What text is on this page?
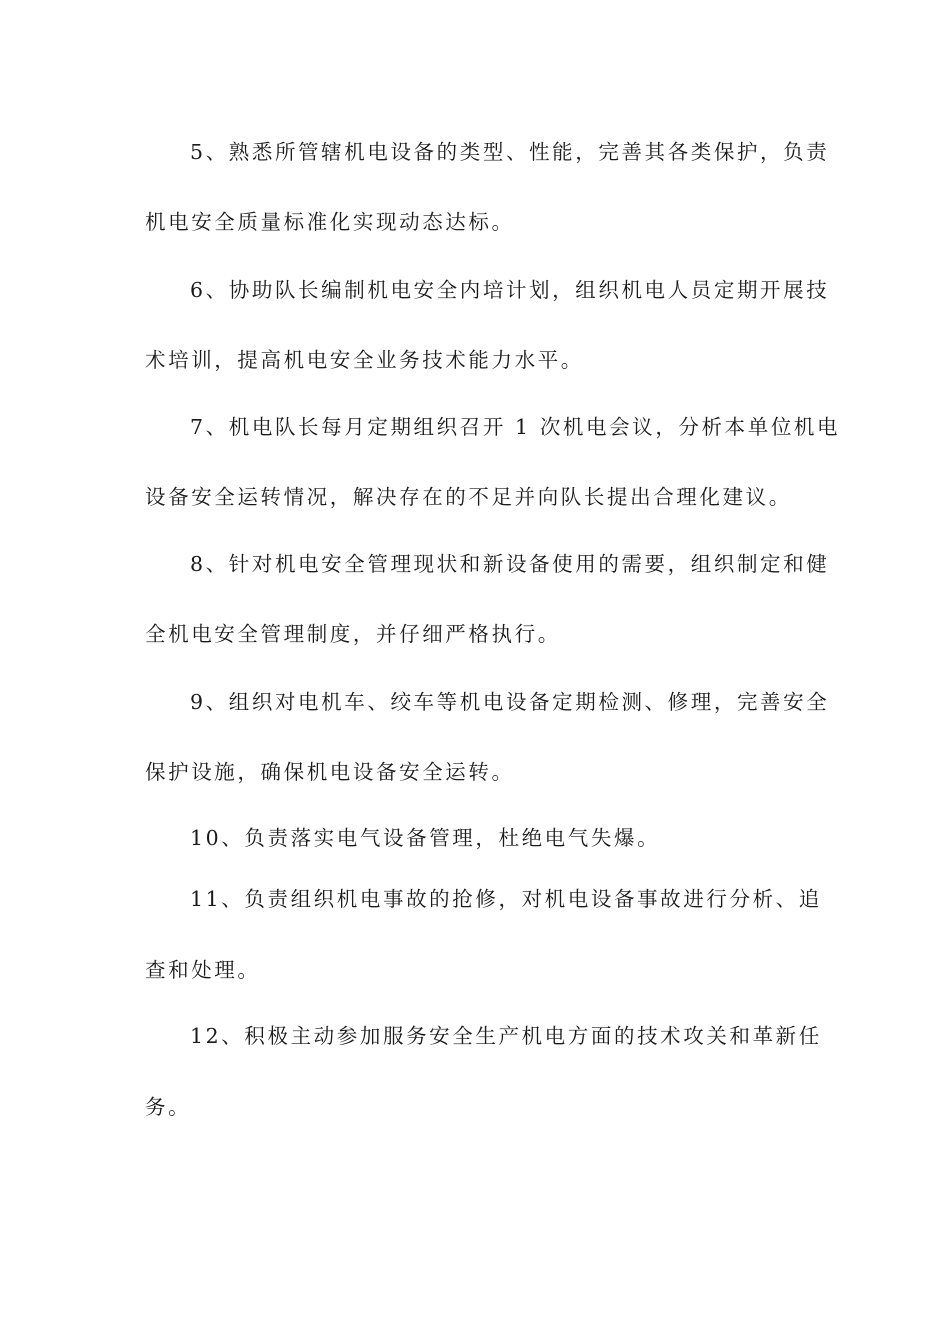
5、熟悉所管辖机电设备的类型、性能，完善其各类保护，负责

机电安全质量标准化实现动态达标。

6、协助队长编制机电安全内培计划，组织机电人员定期开展技

术培训，提高机电安全业务技术能力水平。

7、机电队长每月定期组织召开 1 次机电会议，分析本单位机电

设备安全运转情况，解决存在的不足并向队长提出合理化建议。

8、针对机电安全管理现状和新设备使用的需要，组织制定和健

全机电安全管理制度，并仔细严格执行。

9、组织对电机车、绞车等机电设备定期检测、修理，完善安全

保护设施，确保机电设备安全运转。

10、负责落实电气设备管理，杜绝电气失爆。

11、负责组织机电事故的抢修，对机电设备事故进行分析、追

查和处理。

12、积极主动参加服务安全生产机电方面的技术攻关和革新任

务。
